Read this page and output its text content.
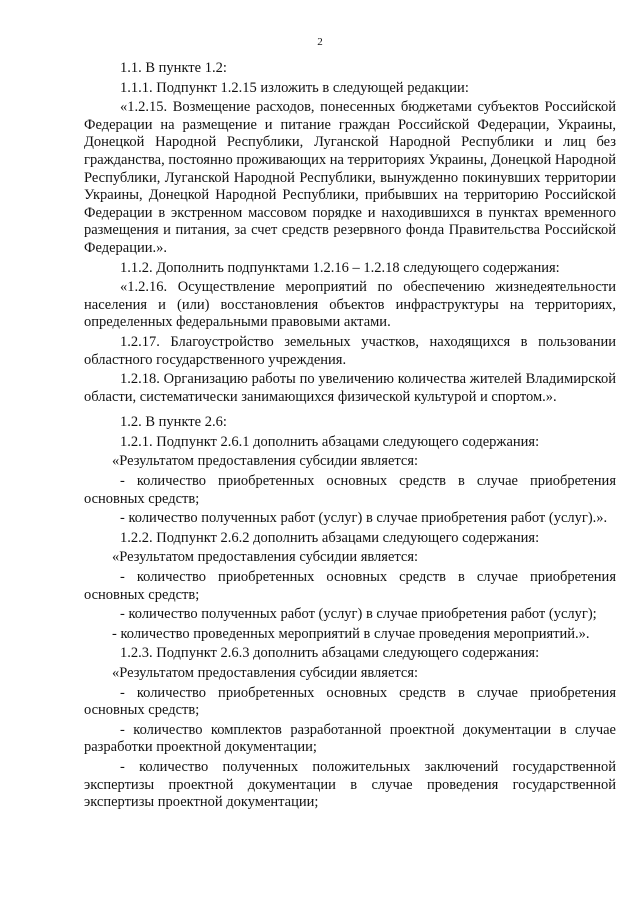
2

1.1. В пункте 1.2:

1.1.1. Подпункт 1.2.15 изложить в следующей редакции:

«1.2.15. Возмещение расходов, понесенных бюджетами субъектов Российской Федерации на размещение и питание граждан Российской Федерации, Украины, Донецкой Народной Республики, Луганской Народной Республики и лиц без гражданства, постоянно проживающих на территориях Украины, Донецкой Народной Республики, Луганской Народной Республики, вынужденно покинувших территории Украины, Донецкой Народной Республики, прибывших на территорию Российской Федерации в экстренном массовом порядке и находившихся в пунктах временного размещения и питания, за счет средств резервного фонда Правительства Российской Федерации.».

1.1.2. Дополнить подпунктами 1.2.16 – 1.2.18 следующего содержания:

«1.2.16. Осуществление мероприятий по обеспечению жизнедеятельности населения и (или) восстановления объектов инфраструктуры на территориях, определенных федеральными правовыми актами.

1.2.17. Благоустройство земельных участков, находящихся в пользовании областного государственного учреждения.

1.2.18. Организацию работы по увеличению количества жителей Владимирской области, систематически занимающихся физической культурой и спортом.».

1.2. В пункте 2.6:

1.2.1. Подпункт 2.6.1 дополнить абзацами следующего содержания:

«Результатом предоставления субсидии является:

- количество приобретенных основных средств в случае приобретения основных средств;

- количество полученных работ (услуг) в случае приобретения работ (услуг).».

1.2.2. Подпункт 2.6.2 дополнить абзацами следующего содержания:

«Результатом предоставления субсидии является:

- количество приобретенных основных средств в случае приобретения основных средств;

- количество полученных работ (услуг) в случае приобретения работ (услуг);

- количество проведенных мероприятий в случае проведения мероприятий.».

1.2.3. Подпункт 2.6.3 дополнить абзацами следующего содержания:

«Результатом предоставления субсидии является:

- количество приобретенных основных средств в случае приобретения основных средств;

- количество комплектов разработанной проектной документации в случае разработки проектной документации;

- количество полученных положительных заключений государственной экспертизы проектной документации в случае проведения государственной экспертизы проектной документации;
